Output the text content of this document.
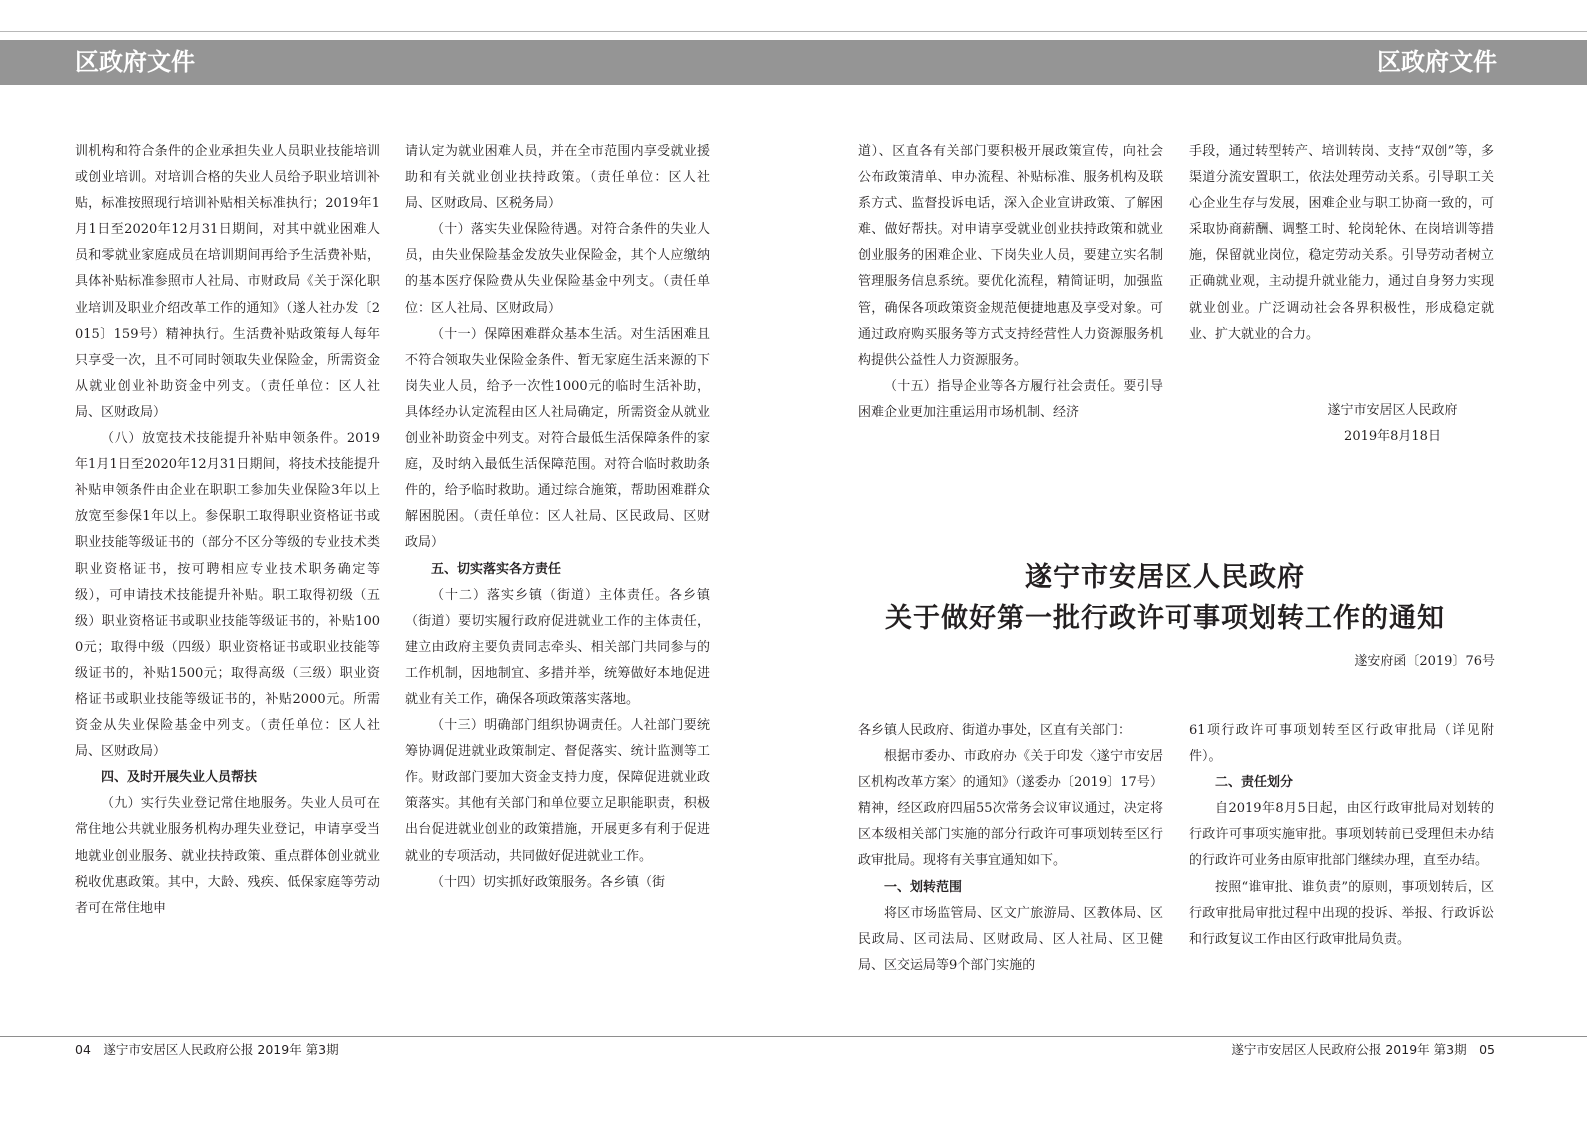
区政府文件	区政府文件

训机构和符合条件的企业承担失业人员职业技能培训或创业培训。对培训合格的失业人员给予职业培训补贴，标准按照现行培训补贴相关标准执行；2019年1月1日至2020年12月31日期间，对其中就业困难人员和零就业家庭成员在培训期间再给予生活费补贴，具体补贴标准参照市人社局、市财政局《关于深化职业培训及职业介绍改革工作的通知》（遂人社办发〔2015〕159号）精神执行。生活费补贴政策每人每年只享受一次，且不可同时领取失业保险金，所需资金从就业创业补助资金中列支。（责任单位：区人社局、区财政局）

（八）放宽技术技能提升补贴申领条件。2019年1月1日至2020年12月31日期间，将技术技能提升补贴申领条件由企业在职职工参加失业保险3年以上放宽至参保1年以上。参保职工取得职业资格证书或职业技能等级证书的（部分不区分等级的专业技术类职业资格证书，按可聘相应专业技术职务确定等级），可申请技术技能提升补贴。职工取得初级（五级）职业资格证书或职业技能等级证书的，补贴1000元；取得中级（四级）职业资格证书或职业技能等级证书的，补贴1500元；取得高级（三级）职业资格证书或职业技能等级证书的，补贴2000元。所需资金从失业保险基金中列支。（责任单位：区人社局、区财政局）

四、及时开展失业人员帮扶

（九）实行失业登记常住地服务。失业人员可在常住地公共就业服务机构办理失业登记，申请享受当地就业创业服务、就业扶持政策、重点群体创业就业税收优惠政策。其中，大龄、残疾、低保家庭等劳动者可在常住地申

请认定为就业困难人员，并在全市范围内享受就业援助和有关就业创业扶持政策。（责任单位：区人社局、区财政局、区税务局）

（十）落实失业保险待遇。对符合条件的失业人员，由失业保险基金发放失业保险金，其个人应缴纳的基本医疗保险费从失业保险基金中列支。（责任单位：区人社局、区财政局）

（十一）保障困难群众基本生活。对生活困难且不符合领取失业保险金条件、暂无家庭生活来源的下岗失业人员，给予一次性1000元的临时生活补助，具体经办认定流程由区人社局确定，所需资金从就业创业补助资金中列支。对符合最低生活保障条件的家庭，及时纳入最低生活保障范围。对符合临时救助条件的，给予临时救助。通过综合施策，帮助困难群众解困脱困。（责任单位：区人社局、区民政局、区财政局）

五、切实落实各方责任

（十二）落实乡镇（街道）主体责任。各乡镇（街道）要切实履行政府促进就业工作的主体责任，建立由政府主要负责同志牵头、相关部门共同参与的工作机制，因地制宜、多措并举，统筹做好本地促进就业有关工作，确保各项政策落实落地。

（十三）明确部门组织协调责任。人社部门要统筹协调促进就业政策制定、督促落实、统计监测等工作。财政部门要加大资金支持力度，保障促进就业政策落实。其他有关部门和单位要立足职能职责，积极出台促进就业创业的政策措施，开展更多有利于促进就业的专项活动，共同做好促进就业工作。

（十四）切实抓好政策服务。各乡镇（街

道）、区直各有关部门要积极开展政策宣传，向社会公布政策清单、申办流程、补贴标准、服务机构及联系方式、监督投诉电话，深入企业宣讲政策、了解困难、做好帮扶。对申请享受就业创业扶持政策和就业创业服务的困难企业、下岗失业人员，要建立实名制管理服务信息系统。要优化流程，精简证明，加强监管，确保各项政策资金规范便捷地惠及享受对象。可通过政府购买服务等方式支持经营性人力资源服务机构提供公益性人力资源服务。

（十五）指导企业等各方履行社会责任。要引导困难企业更加注重运用市场机制、经济

手段，通过转型转产、培训转岗、支持“双创”等，多渠道分流安置职工，依法处理劳动关系。引导职工关心企业生存与发展，困难企业与职工协商一致的，可采取协商薪酬、调整工时、轮岗轮休、在岗培训等措施，保留就业岗位，稳定劳动关系。引导劳动者树立正确就业观，主动提升就业能力，通过自身努力实现就业创业。广泛调动社会各界积极性，形成稳定就业、扩大就业的合力。

遂宁市安居区人民政府
2019年8月18日
遂宁市安居区人民政府
关于做好第一批行政许可事项划转工作的通知
遂安府函〔2019〕76号

各乡镇人民政府、街道办事处，区直有关部门：

根据市委办、市政府办《关于印发〈遂宁市安居区机构改革方案〉的通知》（遂委办〔2019〕17号）精神，经区政府四届55次常务会议审议通过，决定将区本级相关部门实施的部分行政许可事项划转至区行政审批局。现将有关事宜通知如下。

一、划转范围

将区市场监管局、区文广旅游局、区教体局、区民政局、区司法局、区财政局、区人社局、区卫健局、区交运局等9个部门实施的

61项行政许可事项划转至区行政审批局（详见附件）。

二、责任划分

自2019年8月5日起，由区行政审批局对划转的行政许可事项实施审批。事项划转前已受理但未办结的行政许可业务由原审批部门继续办理，直至办结。

按照“谁审批、谁负责”的原则，事项划转后，区行政审批局审批过程中出现的投诉、举报、行政诉讼和行政复议工作由区行政审批局负责。

04　遂宁市安居区人民政府公报 2019年 第3期	遂宁市安居区人民政府公报 2019年 第3期　05
